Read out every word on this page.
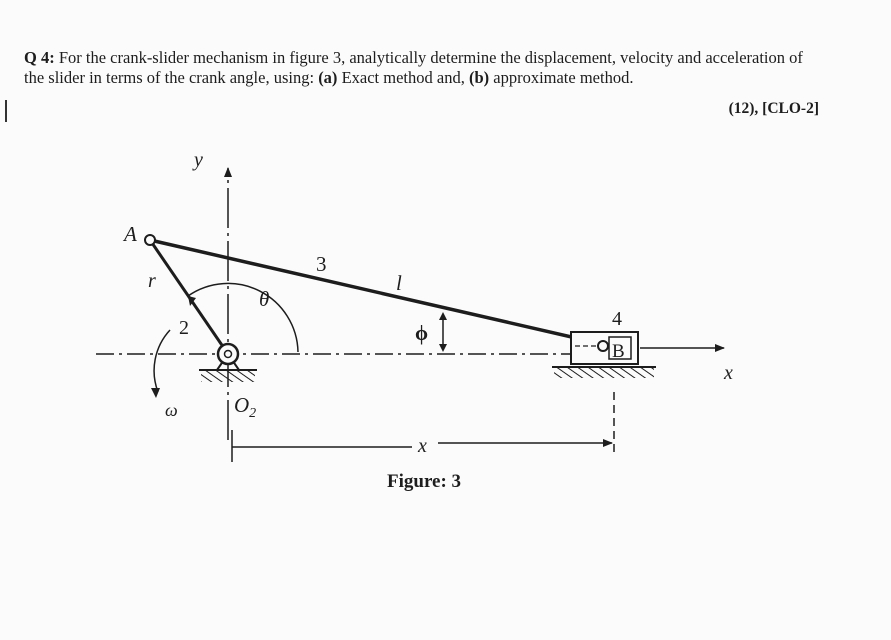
Q 4: For the crank-slider mechanism in figure 3, analytically determine the displacement, velocity and acceleration of the slider in terms of the crank angle, using: (a) Exact method and, (b) approximate method.

(12), [CLO-2]
A
r
2
3
l
θ
ϕ
4
B
y
x
$O_2$
ω
x
Figure: 3
